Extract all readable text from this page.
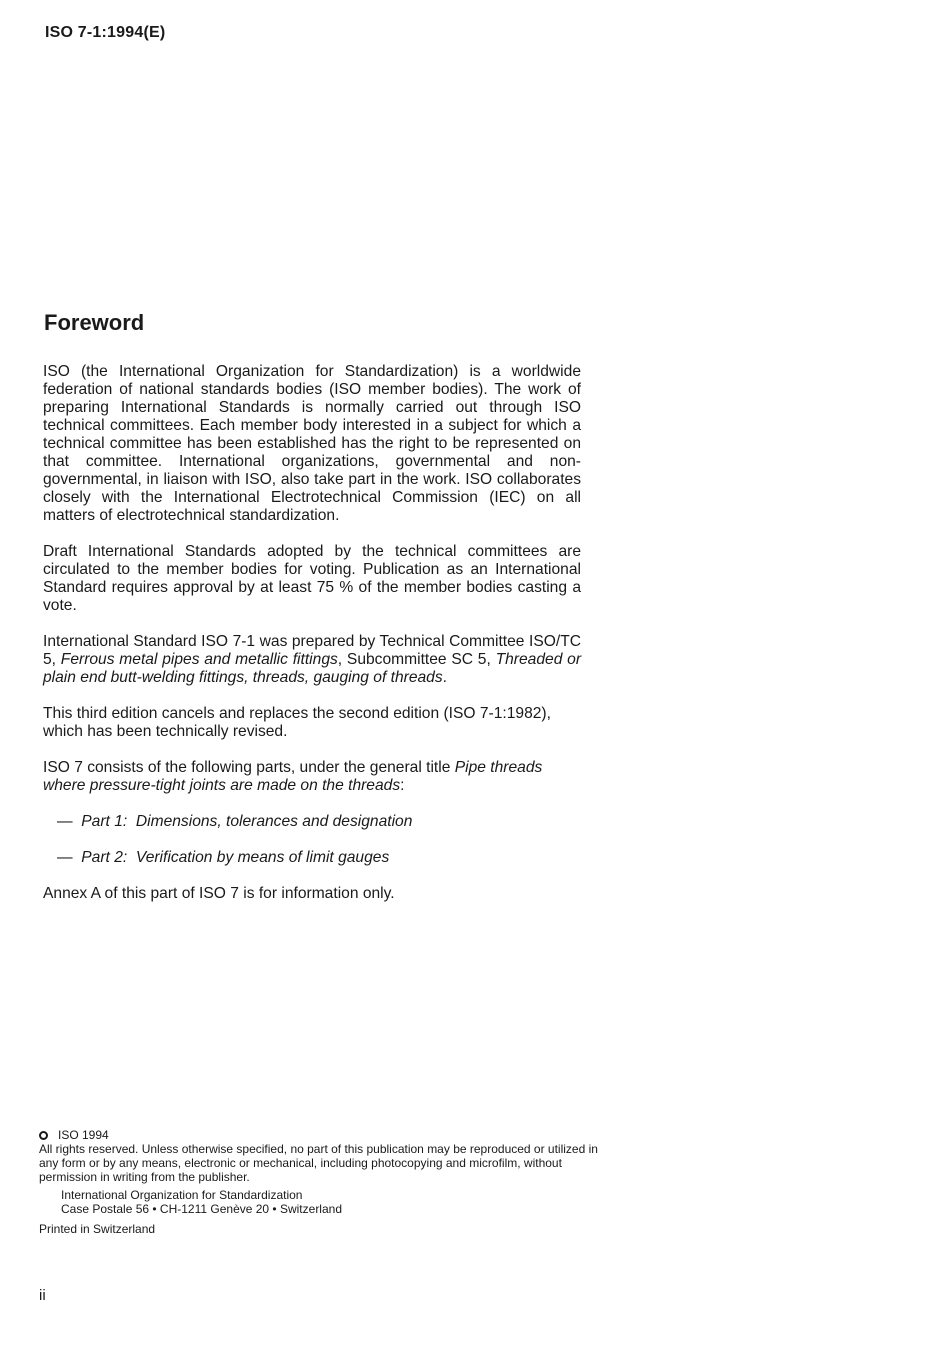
ISO 7-1:1994(E)
Foreword

ISO (the International Organization for Standardization) is a worldwide federation of national standards bodies (ISO member bodies). The work of preparing International Standards is normally carried out through ISO technical committees. Each member body interested in a subject for which a technical committee has been established has the right to be represented on that committee. International organizations, governmental and non-governmental, in liaison with ISO, also take part in the work. ISO collaborates closely with the International Electrotechnical Commission (IEC) on all matters of electrotechnical standardization.

Draft International Standards adopted by the technical committees are circulated to the member bodies for voting. Publication as an International Standard requires approval by at least 75 % of the member bodies casting a vote.

International Standard ISO 7-1 was prepared by Technical Committee ISO/TC 5, Ferrous metal pipes and metallic fittings, Subcommittee SC 5, Threaded or plain end butt-welding fittings, threads, gauging of threads.

This third edition cancels and replaces the second edition (ISO 7-1:1982), which has been technically revised.

ISO 7 consists of the following parts, under the general title Pipe threads where pressure-tight joints are made on the threads:

— Part 1: Dimensions, tolerances and designation
— Part 2: Verification by means of limit gauges

Annex A of this part of ISO 7 is for information only.

ISO 1994
All rights reserved. Unless otherwise specified, no part of this publication may be reproduced or utilized in any form or by any means, electronic or mechanical, including photocopying and microfilm, without permission in writing from the publisher.
International Organization for Standardization
Case Postale 56 • CH-1211 Genève 20 • Switzerland
Printed in Switzerland
ii
